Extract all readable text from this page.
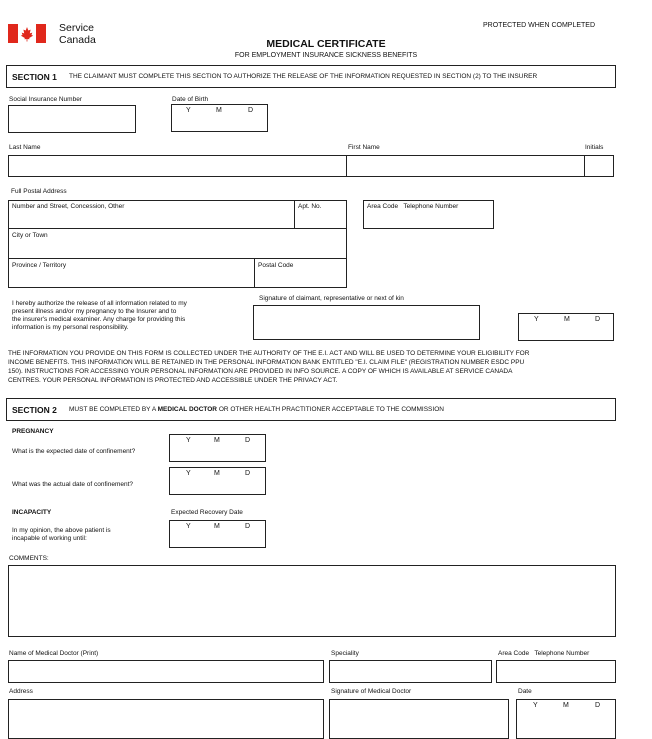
Service
Canada
PROTECTED WHEN COMPLETED
MEDICAL CERTIFICATE
FOR EMPLOYMENT INSURANCE SICKNESS BENEFITS
SECTION 1 THE CLAIMANT MUST COMPLETE THIS SECTION TO AUTHORIZE THE RELEASE OF THE INFORMATION REQUESTED IN SECTION (2) TO THE INSURER
Social Insurance Number	Date of Birth
Y	M	D
Last Name	First Name	Initials
Full Postal Address
Number and Street, Concession, Other	Apt. No.	Area Code   Telephone Number
City or Town
Province / Territory	Postal Code
I hereby authorize the release of all information related to my
present illness and/or my pregnancy to the Insurer and to
the insurer's medical examiner. Any charge for providing this
information is my personal responsibility.
Signature of claimant, representative or next of kin
Y	M	D
THE INFORMATION YOU PROVIDE ON THIS FORM IS COLLECTED UNDER THE AUTHORITY OF THE E.I. ACT AND WILL BE USED TO DETERMINE YOUR ELIGIBILITY FOR
INCOME BENEFITS. THIS INFORMATION WILL BE RETAINED IN THE PERSONAL INFORMATION BANK ENTITLED "E.I. CLAIM FILE" (REGISTRATION NUMBER ESDC PPU
150). INSTRUCTIONS FOR ACCESSING YOUR PERSONAL INFORMATION ARE PROVIDED IN INFO SOURCE. A COPY OF WHICH IS AVAILABLE AT SERVICE CANADA
CENTRES. YOUR PERSONAL INFORMATION IS PROTECTED AND ACCESSIBLE UNDER THE PRIVACY ACT.
SECTION 2 MUST BE COMPLETED BY A MEDICAL DOCTOR OR OTHER HEALTH PRACTITIONER ACCEPTABLE TO THE COMMISSION
PREGNANCY
What is the expected date of confinement?
Y	M	D
What was the actual date of confinement?
Y	M	D
INCAPACITY	Expected Recovery Date
In my opinion, the above patient is
incapable of working until:
Y	M	D
COMMENTS:
Name of Medical Doctor (Print)	Speciality	Area Code   Telephone Number
Address	Signature of Medical Doctor	Date
Y	M	D
